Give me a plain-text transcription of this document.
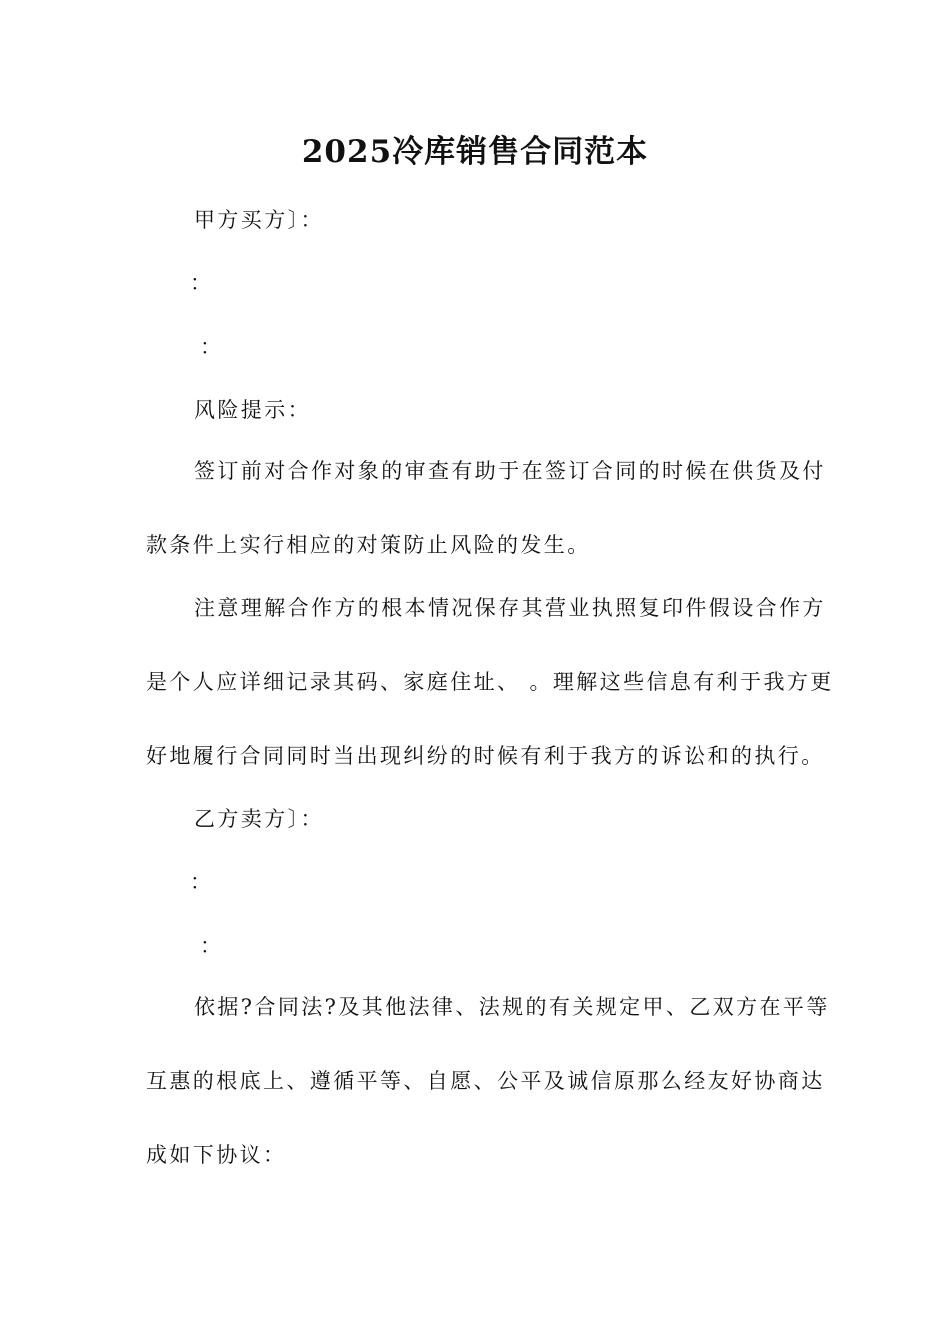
2025冷库销售合同范本
甲方买方〕：
：
：
风险提示：
签订前对合作对象的审查有助于在签订合同的时候在供货及付
款条件上实行相应的对策防止风险的发生。
注意理解合作方的根本情况保存其营业执照复印件假设合作方
是个人应详细记录其码、家庭住址、 。理解这些信息有利于我方更
好地履行合同同时当出现纠纷的时候有利于我方的诉讼和的执行。
乙方卖方〕：
：
：
依据?合同法?及其他法律、法规的有关规定甲、乙双方在平等
互惠的根底上、遵循平等、自愿、公平及诚信原那么经友好协商达
成如下协议：
